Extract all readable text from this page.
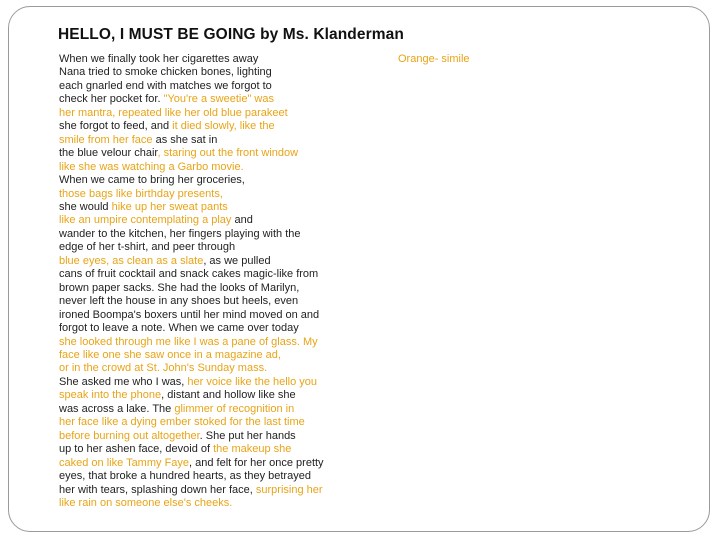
HELLO, I MUST BE GOING by Ms. Klanderman
When we finally took her cigarettes away
Nana tried to smoke chicken bones, lighting
each gnarled end with matches we forgot to
check her pocket for. "You're a sweetie" was
her mantra, repeated like her old blue parakeet
she forgot to feed, and it died slowly, like the
smile from her face as she sat in
the blue velour chair, staring out the front window
like she was watching a Garbo movie.
When we came to bring her groceries,
those bags like birthday presents,
she would hike up her sweat pants
like an umpire contemplating a play and
wander to the kitchen, her fingers playing with the
edge of her t-shirt, and peer through
blue eyes, as clean as a slate, as we pulled
cans of fruit cocktail and snack cakes magic-like from
brown paper sacks. She had the looks of Marilyn,
never left the house in any shoes but heels, even
ironed Boompa's boxers until her mind moved on and
forgot to leave a note. When we came over today
she looked through me like I was a pane of glass. My
face like one she saw once in a magazine ad,
or in the crowd at St. John's Sunday mass.
She asked me who I was, her voice like the hello you
speak into the phone, distant and hollow like she
was across a lake. The glimmer of recognition in
her face like a dying ember stoked for the last time
before burning out altogether. She put her hands
up to her ashen face, devoid of the makeup she
caked on like Tammy Faye, and felt for her once pretty
eyes, that broke a hundred hearts, as they betrayed
her with tears, splashing down her face, surprising her
like rain on someone else's cheeks.
Orange- simile
